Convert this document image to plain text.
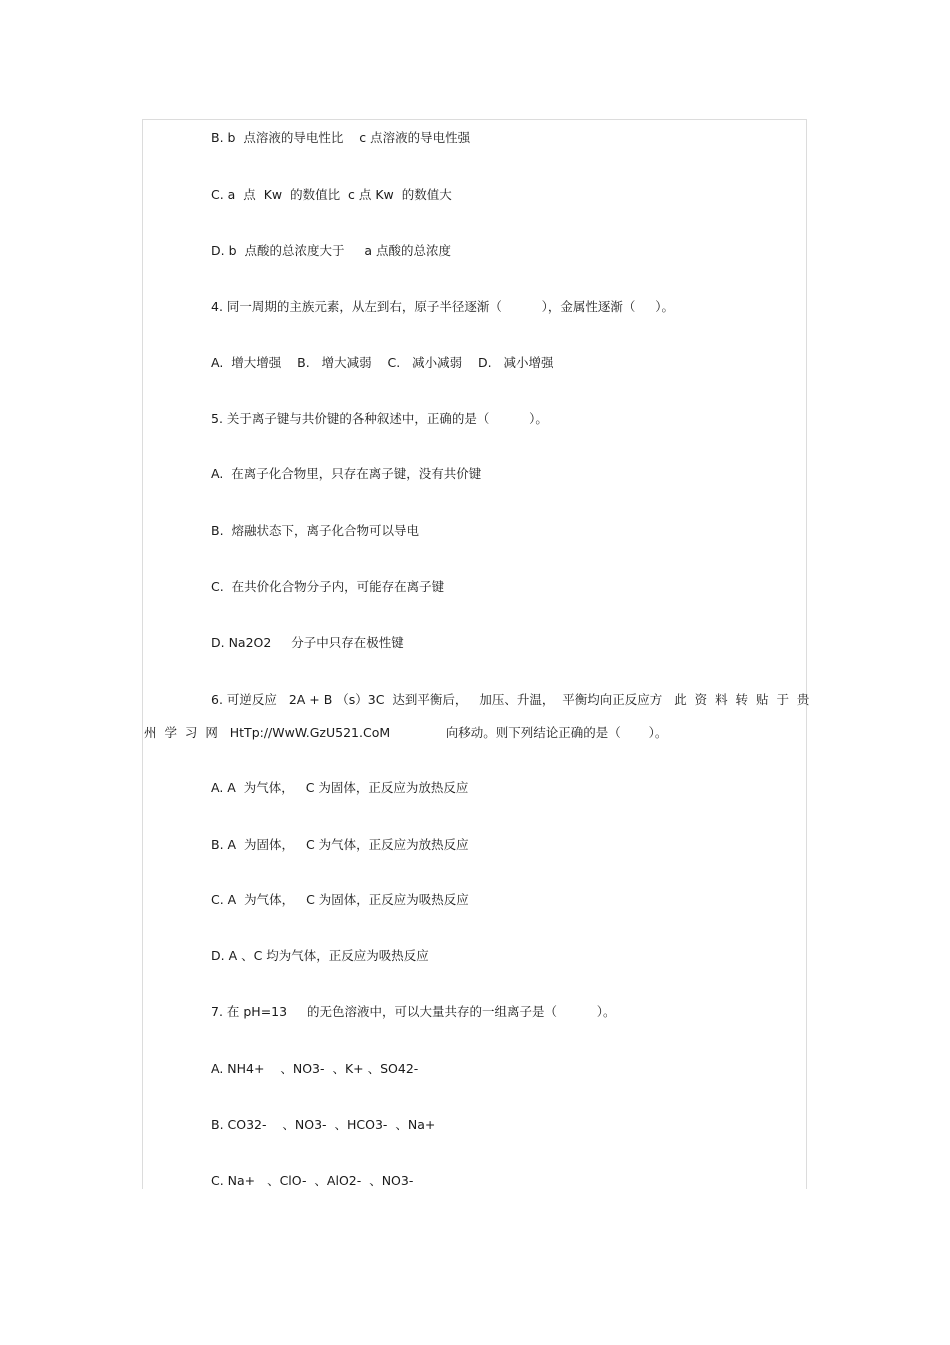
B. b  点溶液的导电性比    c 点溶液的导电性强
C. a  点  Kw  的数值比  c 点 Kw  的数值大
D. b  点酸的总浓度大于     a 点酸的总浓度
4. 同一周期的主族元素，从左到右，原子半径逐渐（          ），金属性逐渐（     ）。
A.  增大增强    B.   增大减弱    C.   减小减弱    D.   减小增强
5. 关于离子键与共价键的各种叙述中，正确的是（          ）。
A.  在离子化合物里，只存在离子键，没有共价键
B.  熔融状态下，离子化合物可以导电
C.  在共价化合物分子内，可能存在离子键
D. Na2O2     分子中只存在极性键
6. 可逆反应   2A + B （s）3C  达到平衡后，   加压、升温，  平衡均向正反应方   此  资  料  转  贴  于  贵
州  学  习  网   HtTp://WwW.GzU521.CoM              向移动。则下列结论正确的是（       ）。
A. A  为气体，   C 为固体，正反应为放热反应
B. A  为固体，   C 为气体，正反应为放热反应
C. A  为气体，   C 为固体，正反应为吸热反应
D. A 、C 均为气体，正反应为吸热反应
7. 在 pH=13     的无色溶液中，可以大量共存的一组离子是（          ）。
A. NH4+    、NO3-  、K+ 、SO42-
B. CO32-    、NO3-  、HCO3-  、Na+
C. Na+   、ClO-  、AlO2-  、NO3-
